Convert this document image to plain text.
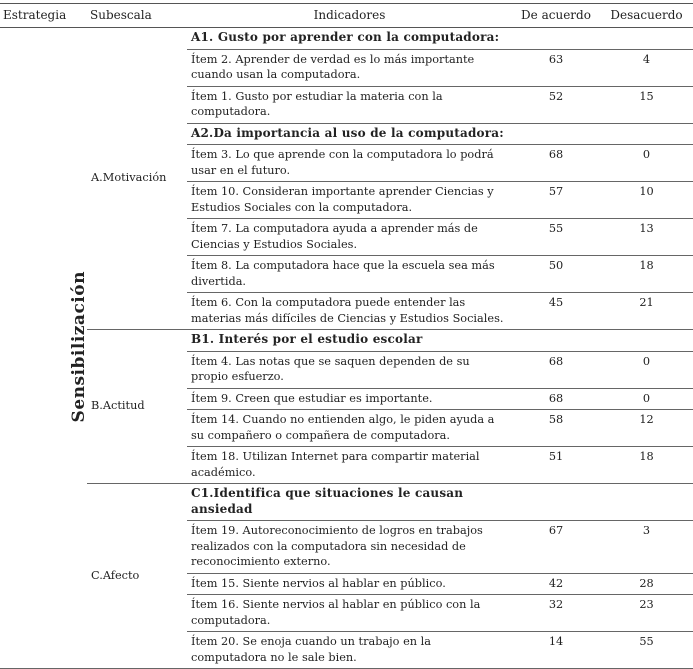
Estrategia	Subescala	Indicadores	De acuerdo	Desacuerdo
Sensibilización	A.Motivación	A1. Gusto por aprender con la computadora:		
		Ítem 2. Aprender de verdad es lo más importante cuando usan la computadora.	63	4
		Ítem 1. Gusto por estudiar la materia con la computadora.	52	15
		A2.Da importancia al uso de la computadora:		
		Ítem 3. Lo que aprende con la computadora lo podrá usar en el futuro.	68	0
		Ítem 10. Consideran importante aprender Ciencias y Estudios Sociales con la computadora.	57	10
		Ítem 7. La computadora ayuda a aprender más de Ciencias y Estudios Sociales.	55	13
		Ítem 8. La computadora hace que la escuela sea más divertida.	50	18
		Ítem 6. Con la computadora puede entender las materias más difíciles de Ciencias y Estudios Sociales.	45	21
	B.Actitud	B1. Interés por el estudio escolar		
		Ítem 4. Las notas que se saquen dependen de su propio esfuerzo.	68	0
		Ítem 9. Creen que estudiar es importante.	68	0
		Ítem 14. Cuando no entienden algo, le piden ayuda a su compañero o compañera de computadora.	58	12
		Ítem 18. Utilizan Internet para compartir material académico.	51	18
	C.Afecto	C1.Identifica que situaciones le causan ansiedad		
		Ítem 19. Autoreconocimiento de logros en trabajos realizados con la computadora sin necesidad de reconocimiento externo.	67	3
		Ítem 15. Siente nervios al hablar en público.	42	28
		Ítem 16. Siente nervios al hablar en público con la computadora.	32	23
		Ítem 20. Se enoja cuando un trabajo en la computadora no le sale bien.	14	55
